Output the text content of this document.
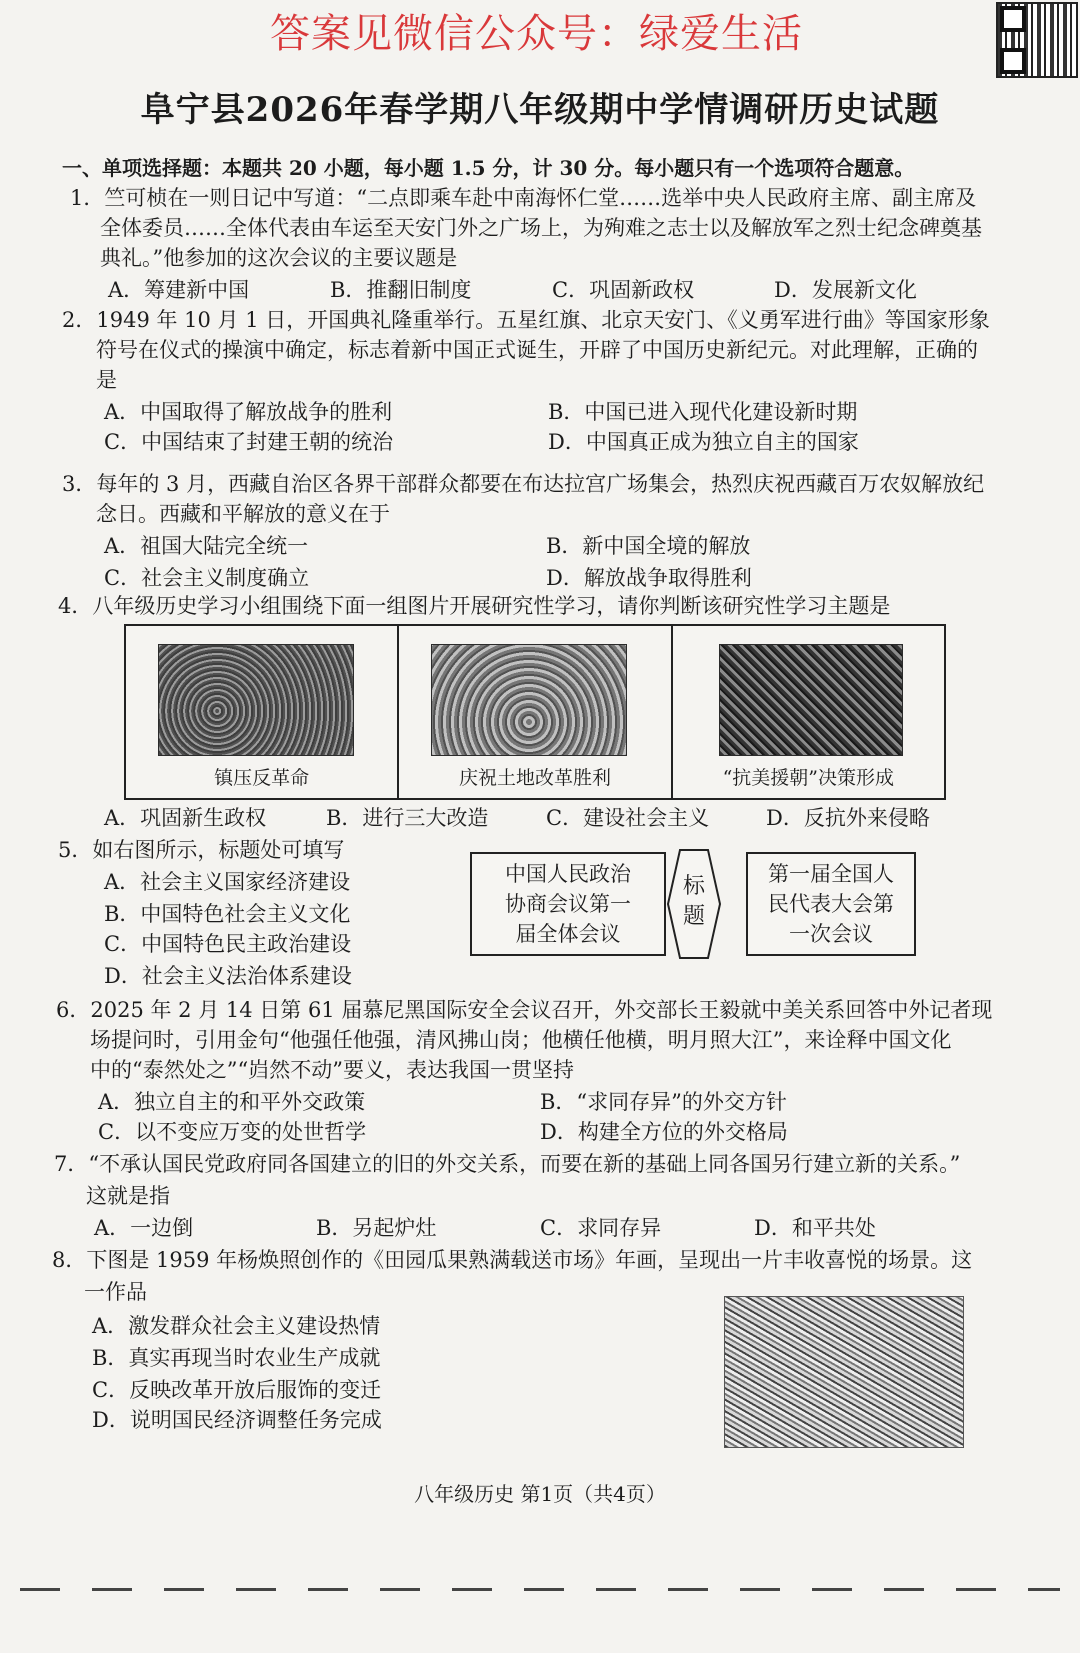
答案见微信公众号：绿爱生活
阜宁县2026年春学期八年级期中学情调研历史试题
一、单项选择题：本题共 20 小题，每小题 1.5 分，计 30 分。每小题只有一个选项符合题意。
1．竺可桢在一则日记中写道：“二点即乘车赴中南海怀仁堂……选举中央人民政府主席、副主席及
全体委员……全体代表由车运至天安门外之广场上，为殉难之志士以及解放军之烈士纪念碑奠基
典礼。”他参加的这次会议的主要议题是
A．筹建新中国	B．推翻旧制度	C．巩固新政权	D．发展新文化
2．1949 年 10 月 1 日，开国典礼隆重举行。五星红旗、北京天安门、《义勇军进行曲》等国家形象
符号在仪式的操演中确定，标志着新中国正式诞生，开辟了中国历史新纪元。对此理解，正确的
是
A．中国取得了解放战争的胜利	B．中国已进入现代化建设新时期
C．中国结束了封建王朝的统治	D．中国真正成为独立自主的国家
3．每年的 3 月，西藏自治区各界干部群众都要在布达拉宫广场集会，热烈庆祝西藏百万农奴解放纪
念日。西藏和平解放的意义在于
A．祖国大陆完全统一	B．新中国全境的解放
C．社会主义制度确立	D．解放战争取得胜利
4．八年级历史学习小组围绕下面一组图片开展研究性学习，请你判断该研究性学习主题是
镇压反革命	庆祝土地改革胜利	“抗美援朝”决策形成
A．巩固新生政权	B．进行三大改造	C．建设社会主义	D．反抗外来侵略
5．如右图所示，标题处可填写
A．社会主义国家经济建设
B．中国特色社会主义文化
C．中国特色民主政治建设
D．社会主义法治体系建设
中国人民政治
协商会议第一
届全体会议
标
题
第一届全国人
民代表大会第
一次会议
6．2025 年 2 月 14 日第 61 届慕尼黑国际安全会议召开，外交部长王毅就中美关系回答中外记者现
场提问时，引用金句“他强任他强，清风拂山岗；他横任他横，明月照大江”，来诠释中国文化
中的“泰然处之”“岿然不动”要义，表达我国一贯坚持
A．独立自主的和平外交政策	B．“求同存异”的外交方针
C．以不变应万变的处世哲学	D．构建全方位的外交格局
7．“不承认国民党政府同各国建立的旧的外交关系，而要在新的基础上同各国另行建立新的关系。”
这就是指
A．一边倒	B．另起炉灶	C．求同存异	D．和平共处
8．下图是 1959 年杨焕照创作的《田园瓜果熟满载送市场》年画，呈现出一片丰收喜悦的场景。这
一作品
A．激发群众社会主义建设热情
B．真实再现当时农业生产成就
C．反映改革开放后服饰的变迁
D．说明国民经济调整任务完成
八年级历史 第1页（共4页）
